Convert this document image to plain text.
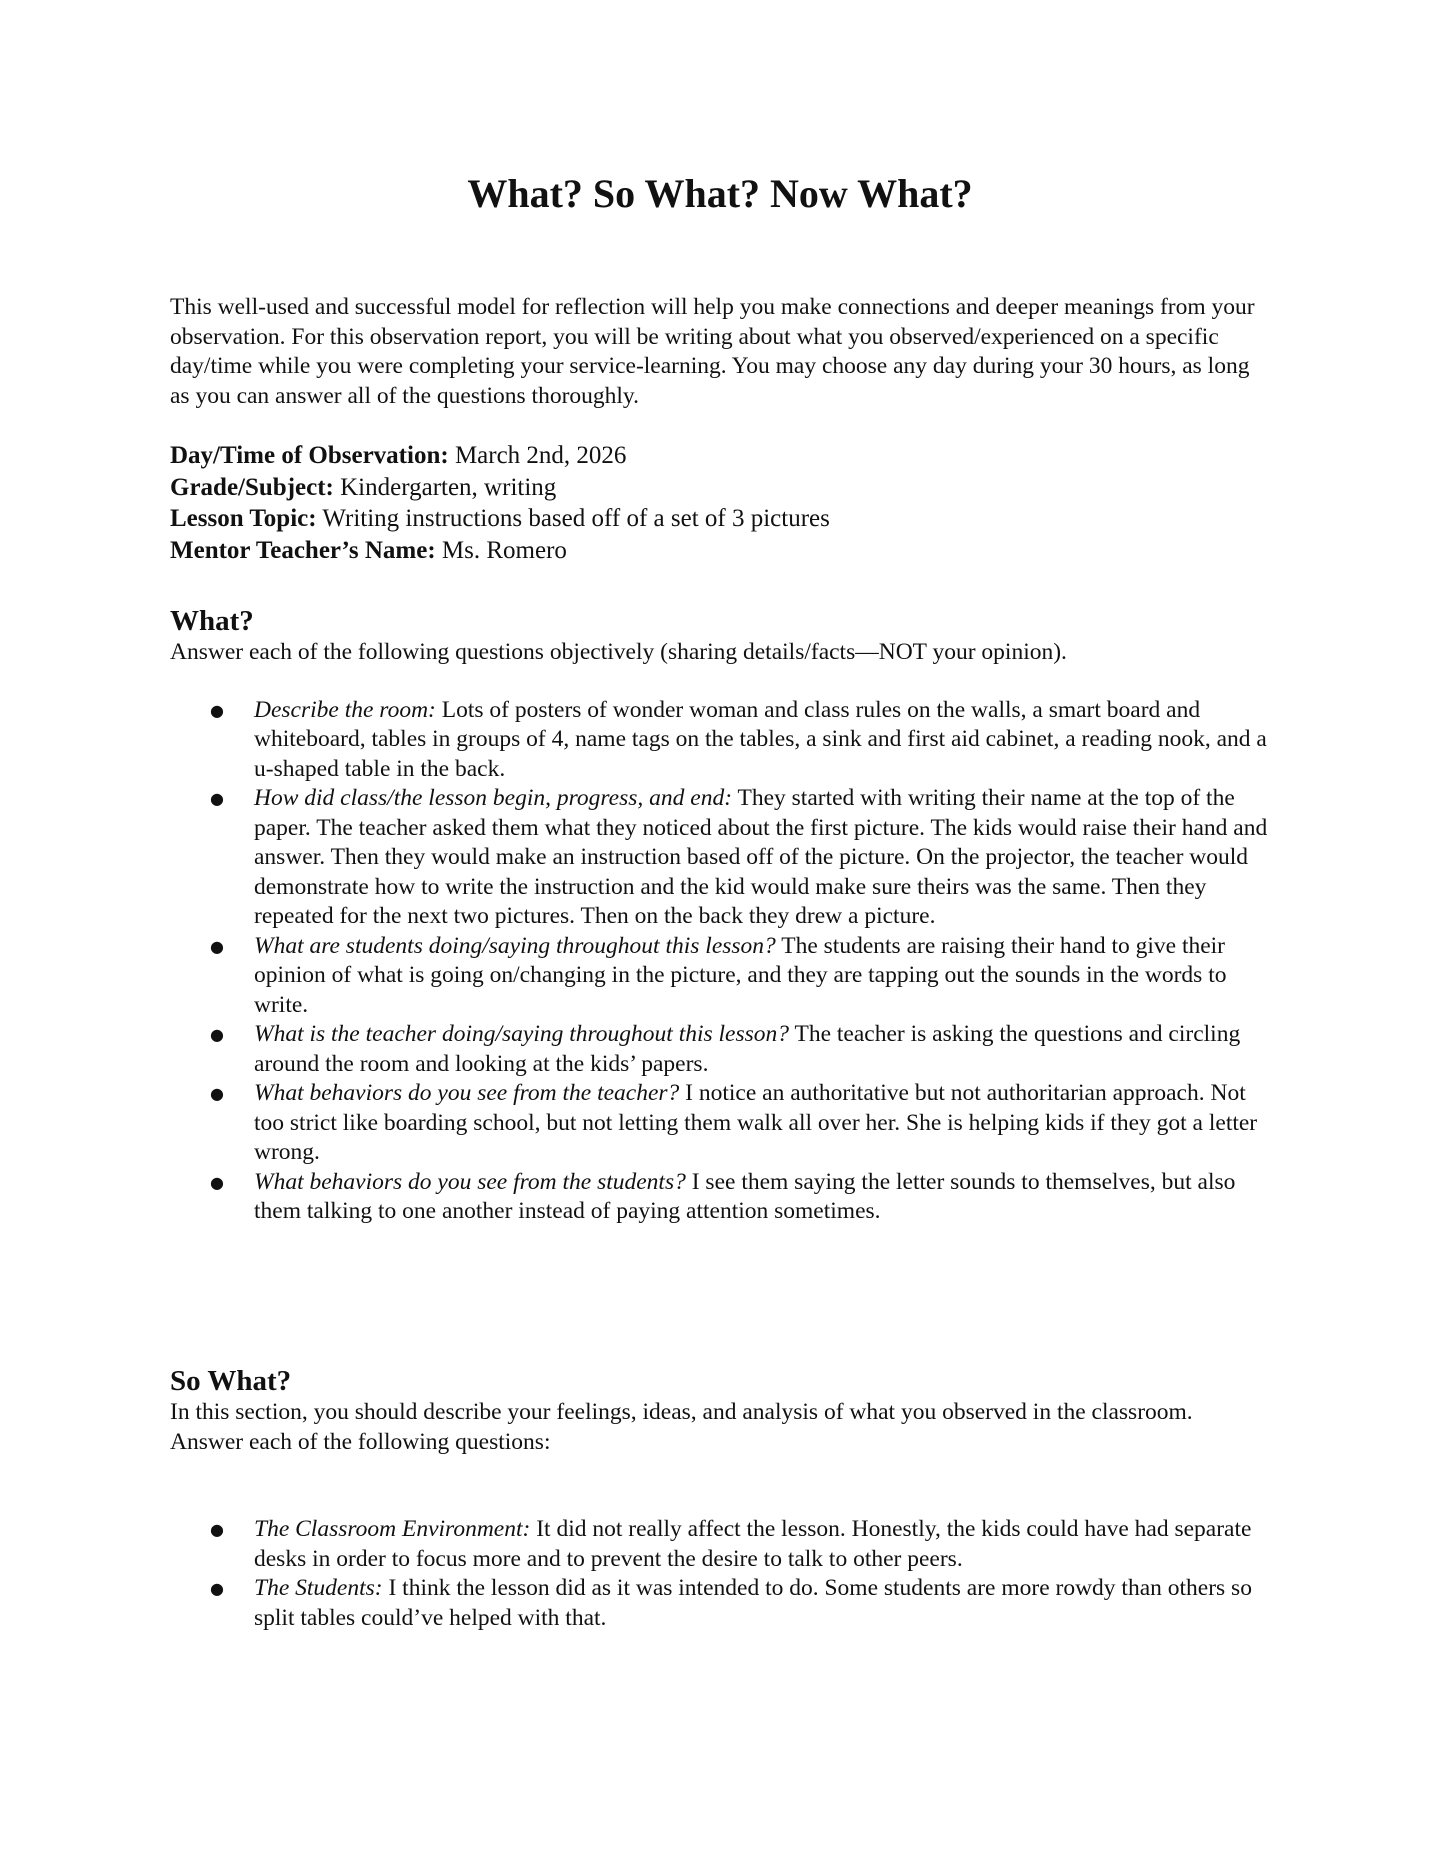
What? So What? Now What?

This well-used and successful model for reflection will help you make connections and deeper meanings from your observation. For this observation report, you will be writing about what you observed/experienced on a specific day/time while you were completing your service-learning. You may choose any day during your 30 hours, as long as you can answer all of the questions thoroughly.

Day/Time of Observation: March 2nd, 2026
Grade/Subject: Kindergarten, writing
Lesson Topic: Writing instructions based off of a set of 3 pictures
Mentor Teacher’s Name: Ms. Romero
What?

Answer each of the following questions objectively (sharing details/facts—NOT your opinion).

● Describe the room: Lots of posters of wonder woman and class rules on the walls, a smart board and whiteboard, tables in groups of 4, name tags on the tables, a sink and first aid cabinet, a reading nook, and a u-shaped table in the back.
● How did class/the lesson begin, progress, and end: They started with writing their name at the top of the paper. The teacher asked them what they noticed about the first picture. The kids would raise their hand and answer. Then they would make an instruction based off of the picture. On the projector, the teacher would demonstrate how to write the instruction and the kid would make sure theirs was the same. Then they repeated for the next two pictures. Then on the back they drew a picture.
● What are students doing/saying throughout this lesson? The students are raising their hand to give their opinion of what is going on/changing in the picture, and they are tapping out the sounds in the words to write.
● What is the teacher doing/saying throughout this lesson? The teacher is asking the questions and circling around the room and looking at the kids’ papers.
● What behaviors do you see from the teacher? I notice an authoritative but not authoritarian approach. Not too strict like boarding school, but not letting them walk all over her. She is helping kids if they got a letter wrong.
● What behaviors do you see from the students? I see them saying the letter sounds to themselves, but also them talking to one another instead of paying attention sometimes.
So What?

In this section, you should describe your feelings, ideas, and analysis of what you observed in the classroom. Answer each of the following questions:

● The Classroom Environment: It did not really affect the lesson. Honestly, the kids could have had separate desks in order to focus more and to prevent the desire to talk to other peers.
● The Students: I think the lesson did as it was intended to do. Some students are more rowdy than others so split tables could’ve helped with that.
